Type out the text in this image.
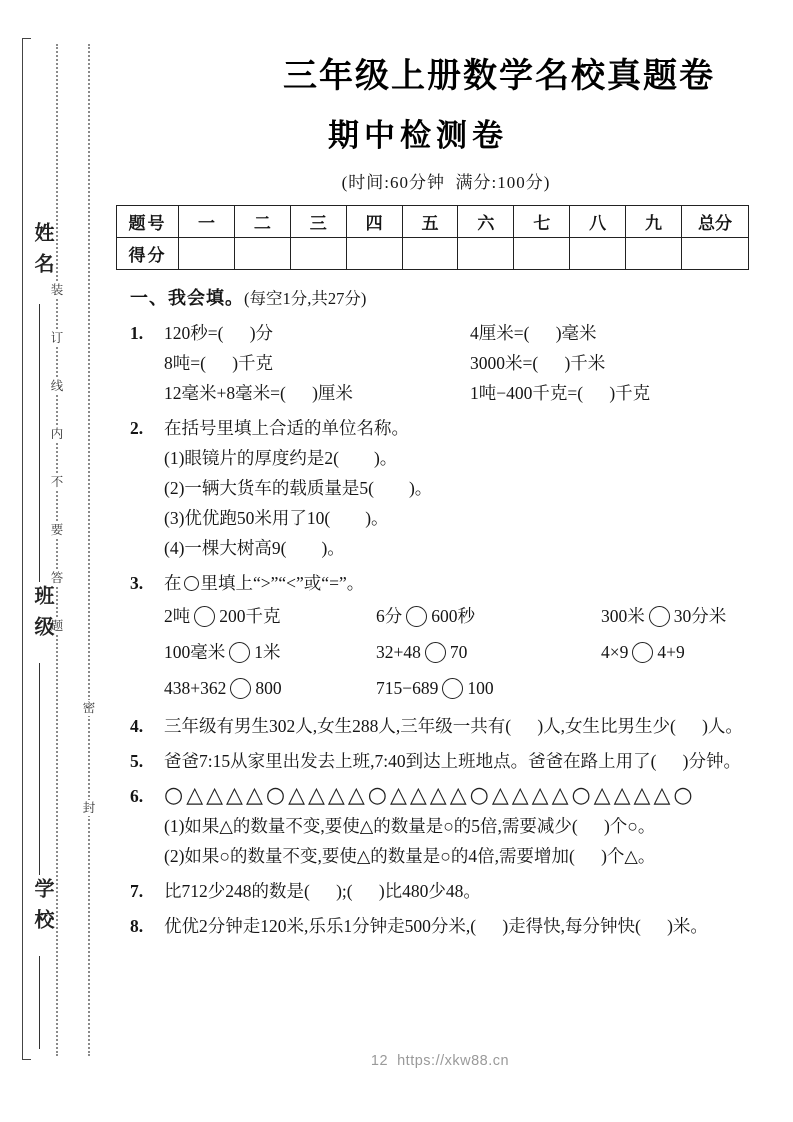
装
订
线
内
不
要
答
题
密
封
姓名
班级
学校
三年级上册数学名校真题卷
期中检测卷
(时间:60分钟  满分:100分)
题号	一	二	三	四	五	六	七	八	九	总分
得分										
一、我会填。(每空1分,共27分)
1.	120秒=(      )分	4厘米=(      )毫米
8吨=(      )千克	3000米=(      )千米
12毫米+8毫米=(      )厘米	1吨−400千克=(      )千克
2.	在括号里填上合适的单位名称。
(1)眼镜片的厚度约是2(        )。
(2)一辆大货车的载质量是5(        )。
(3)优优跑50米用了10(        )。
(4)一棵大树高9(        )。
3.	在 里填上“>”“<”或“=”。
2吨 200千克	6分 600秒	300米 30分米
100毫米 1米	32+48 70	4×9 4+9
438+362 800	715−689 100
4.	三年级有男生302人,女生288人,三年级一共有(      )人,女生比男生少(      )人。
5.	爸爸7:15从家里出发去上班,7:40到达上班地点。爸爸在路上用了(      )分钟。
6. ○△△△△○△△△△○△△△△○△△△△○△△△△○
(1)如果△的数量不变,要使△的数量是○的5倍,需要减少(      )个○。
(2)如果○的数量不变,要使△的数量是○的4倍,需要增加(      )个△。
7.	比712少248的数是(      );(      )比480少48。
8.	优优2分钟走120米,乐乐1分钟走500分米,(      )走得快,每分钟快(      )米。
12  https://xkw88.cn
